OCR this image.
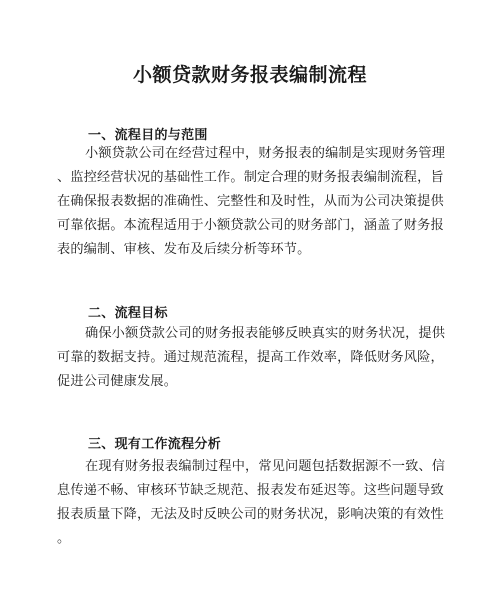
小额贷款财务报表编制流程
一、流程目的与范围
小额贷款公司在经营过程中，财务报表的编制是实现财务管理
、监控经营状况的基础性工作。制定合理的财务报表编制流程，旨
在确保报表数据的准确性、完整性和及时性，从而为公司决策提供
可靠依据。本流程适用于小额贷款公司的财务部门，涵盖了财务报
表的编制、审核、发布及后续分析等环节。
二、流程目标
确保小额贷款公司的财务报表能够反映真实的财务状况，提供
可靠的数据支持。通过规范流程，提高工作效率，降低财务风险，
促进公司健康发展。
三、现有工作流程分析
在现有财务报表编制过程中，常见问题包括数据源不一致、信
息传递不畅、审核环节缺乏规范、报表发布延迟等。这些问题导致
报表质量下降，无法及时反映公司的财务状况，影响决策的有效性
。
